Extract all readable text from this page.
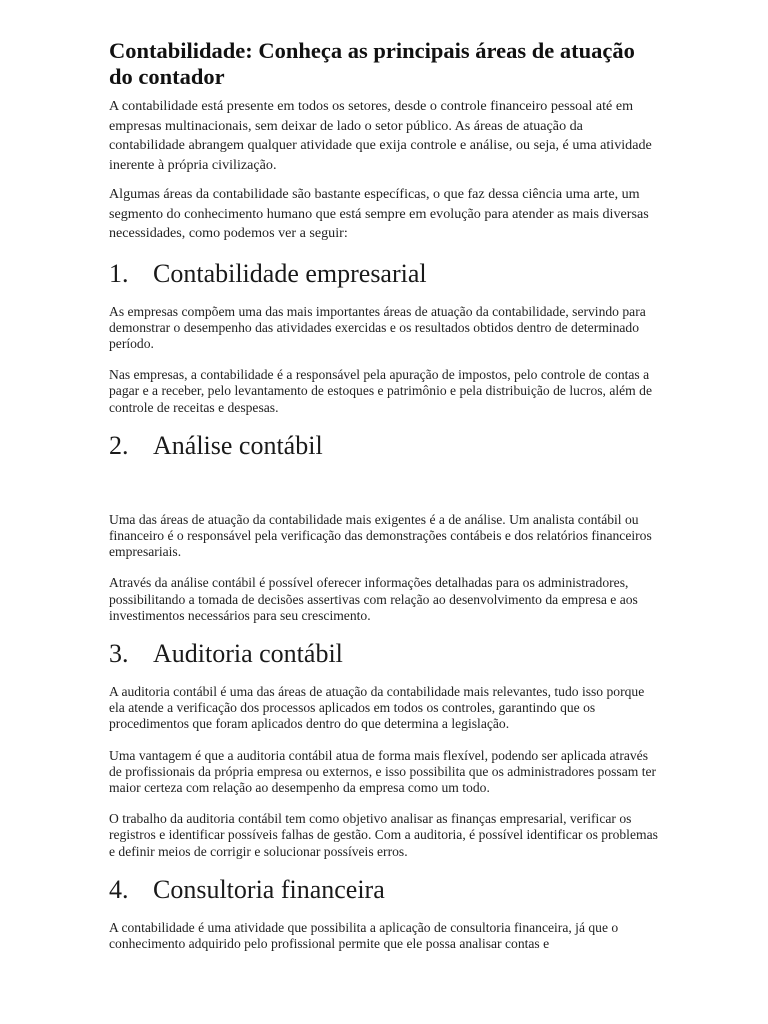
Contabilidade: Conheça as principais áreas de atuação do contador

A contabilidade está presente em todos os setores, desde o controle financeiro pessoal até em empresas multinacionais, sem deixar de lado o setor público. As áreas de atuação da contabilidade abrangem qualquer atividade que exija controle e análise, ou seja, é uma atividade inerente à própria civilização.

Algumas áreas da contabilidade são bastante específicas, o que faz dessa ciência uma arte, um segmento do conhecimento humano que está sempre em evolução para atender as mais diversas necessidades, como podemos ver a seguir:

1. Contabilidade empresarial

As empresas compõem uma das mais importantes áreas de atuação da contabilidade, servindo para demonstrar o desempenho das atividades exercidas e os resultados obtidos dentro de determinado período.

Nas empresas, a contabilidade é a responsável pela apuração de impostos, pelo controle de contas a pagar e a receber, pelo levantamento de estoques e patrimônio e pela distribuição de lucros, além de controle de receitas e despesas.

2. Análise contábil

Uma das áreas de atuação da contabilidade mais exigentes é a de análise. Um analista contábil ou financeiro é o responsável pela verificação das demonstrações contábeis e dos relatórios financeiros empresariais.

Através da análise contábil é possível oferecer informações detalhadas para os administradores, possibilitando a tomada de decisões assertivas com relação ao desenvolvimento da empresa e aos investimentos necessários para seu crescimento.

3. Auditoria contábil

A auditoria contábil é uma das áreas de atuação da contabilidade mais relevantes, tudo isso porque ela atende a verificação dos processos aplicados em todos os controles, garantindo que os procedimentos que foram aplicados dentro do que determina a legislação.

Uma vantagem é que a auditoria contábil atua de forma mais flexível, podendo ser aplicada através de profissionais da própria empresa ou externos, e isso possibilita que os administradores possam ter maior certeza com relação ao desempenho da empresa como um todo.

O trabalho da auditoria contábil tem como objetivo analisar as finanças empresarial, verificar os registros e identificar possíveis falhas de gestão. Com a auditoria, é possível identificar os problemas e definir meios de corrigir e solucionar possíveis erros.

4. Consultoria financeira

A contabilidade é uma atividade que possibilita a aplicação de consultoria financeira, já que o conhecimento adquirido pelo profissional permite que ele possa analisar contas e
